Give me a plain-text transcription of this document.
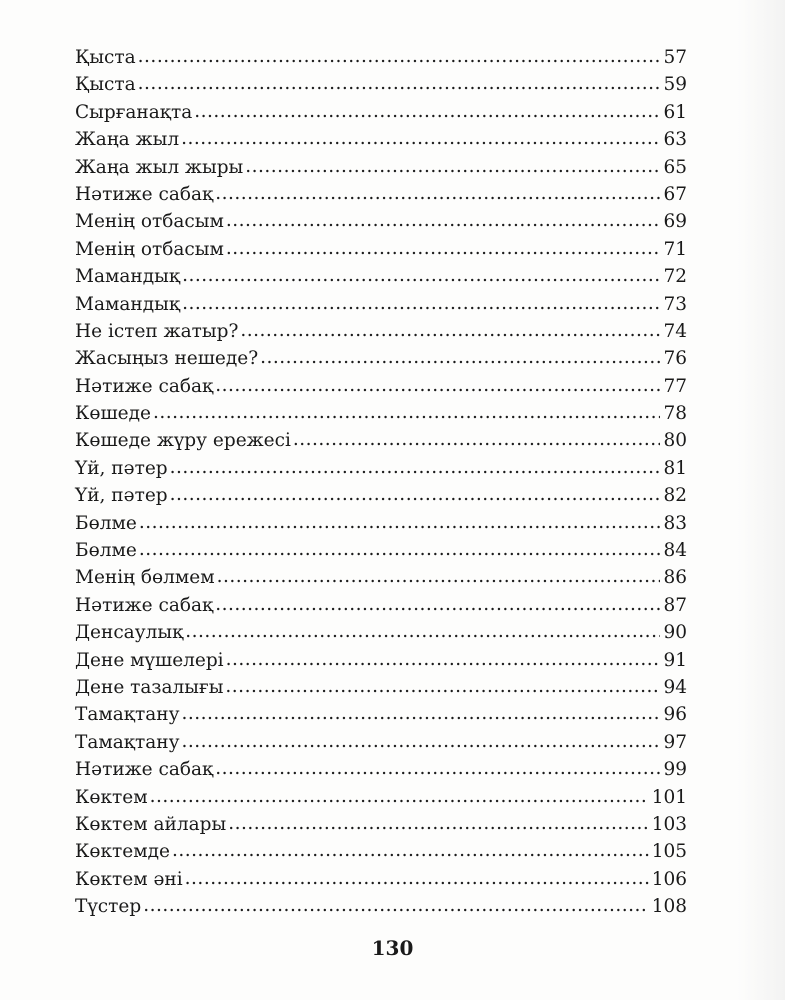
Қыста .....	57
Қыста .....	59
Сырғанақта .....	61
Жаңа жыл .....	63
Жаңа жыл жыры .....	65
Нәтиже сабақ .....	67
Менің отбасым .....	69
Менің отбасым .....	71
Мамандық .....	72
Мамандық .....	73
Не істеп жатыр? .....	74
Жасыңыз нешеде? .....	76
Нәтиже сабақ .....	77
Көшеде .....	78
Көшеде жүру ережесі .....	80
Үй, пәтер .....	81
Үй, пәтер .....	82
Бөлме .....	83
Бөлме .....	84
Менің бөлмем .....	86
Нәтиже сабақ .....	87
Денсаулық .....	90
Дене мүшелері .....	91
Дене тазалығы .....	94
Тамақтану .....	96
Тамақтану .....	97
Нәтиже сабақ .....	99
Көктем .....	101
Көктем айлары .....	103
Көктемде .....	105
Көктем әні .....	106
Түстер .....	108
130
